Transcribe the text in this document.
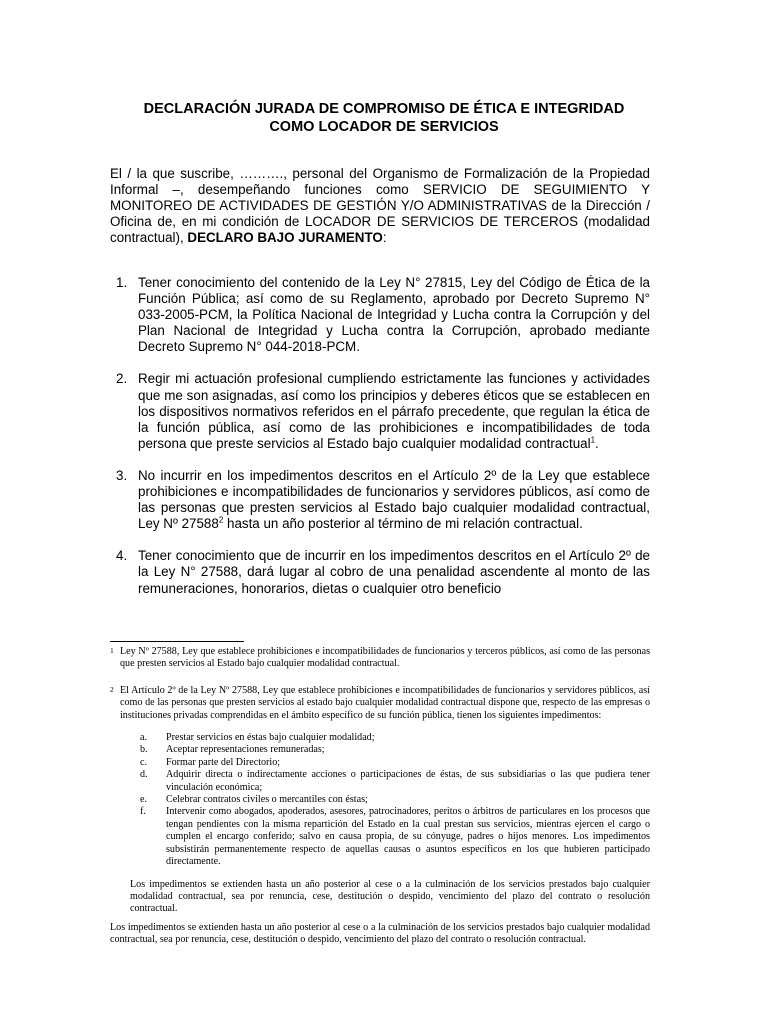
DECLARACIÓN JURADA DE COMPROMISO DE ÉTICA E INTEGRIDAD
COMO LOCADOR DE SERVICIOS
El / la que suscribe, ………., personal del Organismo de Formalización de la Propiedad Informal –, desempeñando funciones como SERVICIO DE SEGUIMIENTO Y MONITOREO DE ACTIVIDADES DE GESTIÓN Y/O ADMINISTRATIVAS de la Dirección / Oficina de, en mi condición de LOCADOR DE SERVICIOS DE TERCEROS (modalidad contractual), DECLARO BAJO JURAMENTO:
1. Tener conocimiento del contenido de la Ley N° 27815, Ley del Código de Ética de la Función Pública; así como de su Reglamento, aprobado por Decreto Supremo N° 033-2005-PCM, la Política Nacional de Integridad y Lucha contra la Corrupción y del Plan Nacional de Integridad y Lucha contra la Corrupción, aprobado mediante Decreto Supremo N° 044-2018-PCM.
2. Regir mi actuación profesional cumpliendo estrictamente las funciones y actividades que me son asignadas, así como los principios y deberes éticos que se establecen en los dispositivos normativos referidos en el párrafo precedente, que regulan la ética de la función pública, así como de las prohibiciones e incompatibilidades de toda persona que preste servicios al Estado bajo cualquier modalidad contractual$^1$.
3. No incurrir en los impedimentos descritos en el Artículo 2º de la Ley que establece prohibiciones e incompatibilidades de funcionarios y servidores públicos, así como de las personas que presten servicios al Estado bajo cualquier modalidad contractual, Ley Nº 27588$^2$ hasta un año posterior al término de mi relación contractual.
4. Tener conocimiento que de incurrir en los impedimentos descritos en el Artículo 2º de la Ley N° 27588, dará lugar al cobro de una penalidad ascendente al monto de las remuneraciones, honorarios, dietas o cualquier otro beneficio
1 Ley Nº 27588, Ley que establece prohibiciones e incompatibilidades de funcionarios y terceros públicos, así como de las personas que presten servicios al Estado bajo cualquier modalidad contractual.
2 El Artículo 2º de la Ley Nº 27588, Ley que establece prohibiciones e incompatibilidades de funcionarios y servidores públicos, así como de las personas que presten servicios al estado bajo cualquier modalidad contractual dispone que, respecto de las empresas o instituciones privadas comprendidas en el ámbito específico de su función pública, tienen los siguientes impedimentos:
a. Prestar servicios en éstas bajo cualquier modalidad;
b. Aceptar representaciones remuneradas;
c. Formar parte del Directorio;
d. Adquirir directa o indirectamente acciones o participaciones de éstas, de sus subsidiarias o las que pudiera tener vinculación económica;
e. Celebrar contratos civiles o mercantiles con éstas;
f. Intervenir como abogados, apoderados, asesores, patrocinadores, peritos o árbitros de particulares en los procesos que tengan pendientes con la misma repartición del Estado en la cual prestan sus servicios, mientras ejercen el cargo o cumplen el encargo conferido; salvo en causa propia, de su cónyuge, padres o hijos menores. Los impedimentos subsistirán permanentemente respecto de aquellas causas o asuntos específicos en los que hubieren participado directamente.
Los impedimentos se extienden hasta un año posterior al cese o a la culminación de los servicios prestados bajo cualquier modalidad contractual, sea por renuncia, cese, destitución o despido, vencimiento del plazo del contrato o resolución contractual.
Los impedimentos se extienden hasta un año posterior al cese o a la culminación de los servicios prestados bajo cualquier modalidad contractual, sea por renuncia, cese, destitución o despido, vencimiento del plazo del contrato o resolución contractual.
